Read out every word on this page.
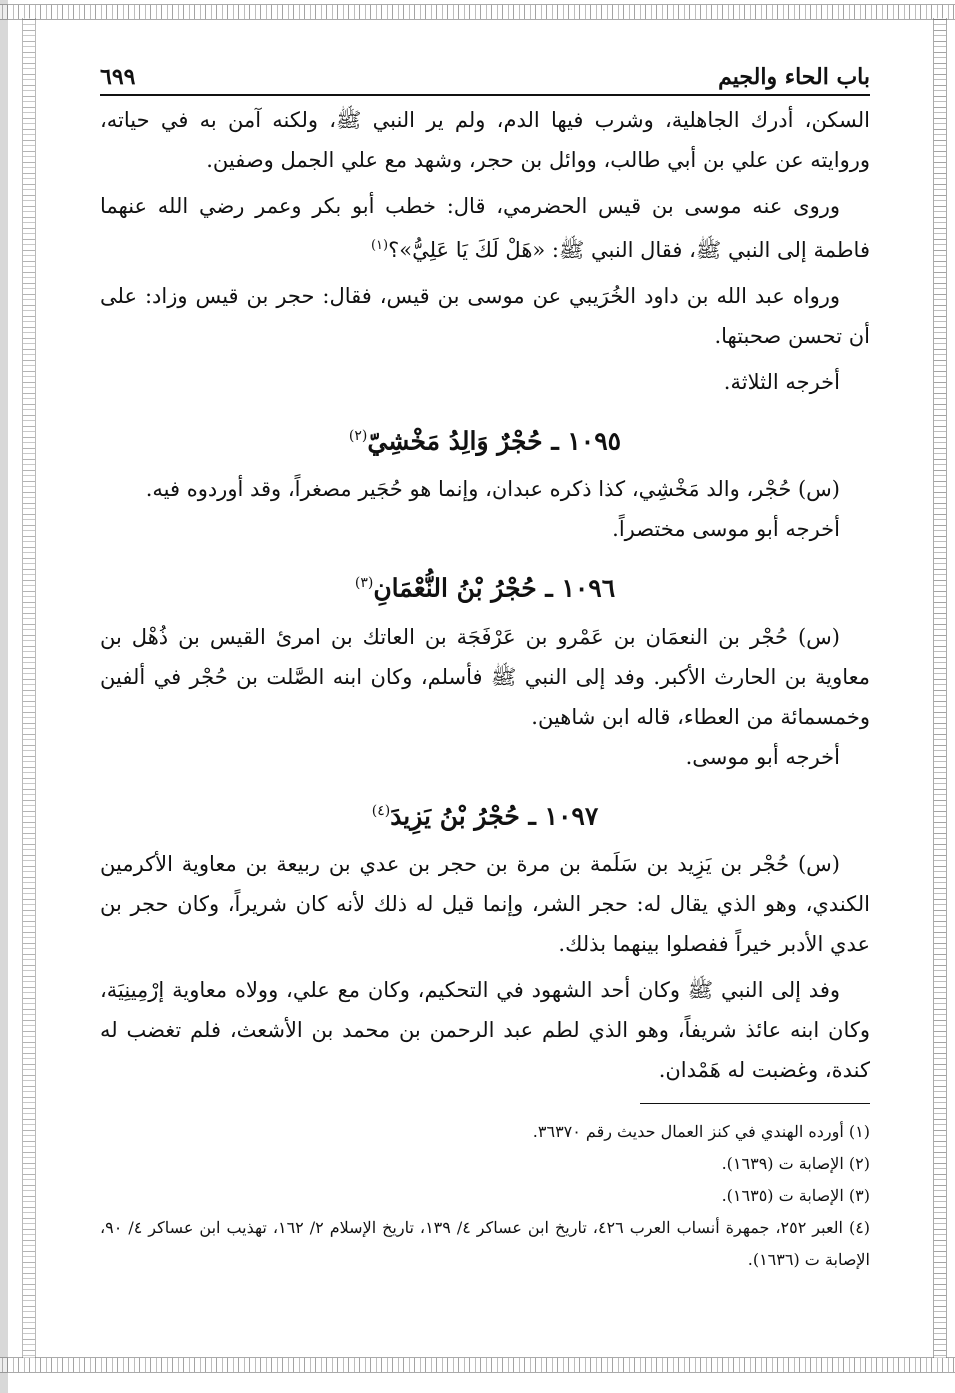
باب الحاء والجيم
٦٩٩

السكن، أدرك الجاهلية، وشرب فيها الدم، ولم ير النبي ﷺ، ولكنه آمن به في حياته، وروايته عن علي بن أبي طالب، ووائل بن حجر، وشهد مع علي الجمل وصفين.

وروى عنه موسى بن قيس الحضرمي، قال: خطب أبو بكر وعمر رضي الله عنهما فاطمة إلى النبي ﷺ، فقال النبي ﷺ: «هَلْ لَكَ يَا عَلِيُّ»؟$^{(١)}$

ورواه عبد الله بن داود الخُرَيبي عن موسى بن قيس، فقال: حجر بن قيس وزاد: على أن تحسن صحبتها.

أخرجه الثلاثة.

١٠٩٥ ـ حُجْرٌ وَالِدُ مَخْشِيّ$^{(٢)}$

(س) حُجْر، والد مَخْشِي، كذا ذكره عبدان، وإنما هو حُجَير مصغراً، وقد أوردوه فيه.

أخرجه أبو موسى مختصراً.

١٠٩٦ ـ حُجْرُ بْنُ النُّعْمَانِ$^{(٣)}$

(س) حُجْر بن النعمَان بن عَمْرو بن عَرْفَجَة بن العاتك بن امرئ القيس بن ذُهْل بن معاوية بن الحارث الأكبر. وفد إلى النبي ﷺ فأسلم، وكان ابنه الصَّلت بن حُجْر في ألفين وخمسمائة من العطاء، قاله ابن شاهين.

أخرجه أبو موسى.

١٠٩٧ ـ حُجْرُ بْنُ يَزِيدَ$^{(٤)}$

(س) حُجْر بن يَزِيد بن سَلَمة بن مرة بن حجر بن عدي بن ربيعة بن معاوية الأكرمين الكندي، وهو الذي يقال له: حجر الشر، وإنما قيل له ذلك لأنه كان شريراً، وكان حجر بن عدي الأدبر خيراً ففصلوا بينهما بذلك.

وفد إلى النبي ﷺ وكان أحد الشهود في التحكيم، وكان مع علي، وولاه معاوية إرْمِينِيَة، وكان ابنه عائذ شريفاً، وهو الذي لطم عبد الرحمن بن محمد بن الأشعث، فلم تغضب له كندة، وغضبت له هَمْدان.

(١) أورده الهندي في كنز العمال حديث رقم ٣٦٣٧٠.

(٢) الإصابة ت (١٦٣٩).

(٣) الإصابة ت (١٦٣٥).

(٤) العبر ٢٥٢، جمهرة أنساب العرب ٤٢٦، تاريخ ابن عساكر ٤/ ١٣٩، تاريخ الإسلام ٢/ ١٦٢، تهذيب ابن عساكر ٤/ ٩٠، الإصابة ت (١٦٣٦).
